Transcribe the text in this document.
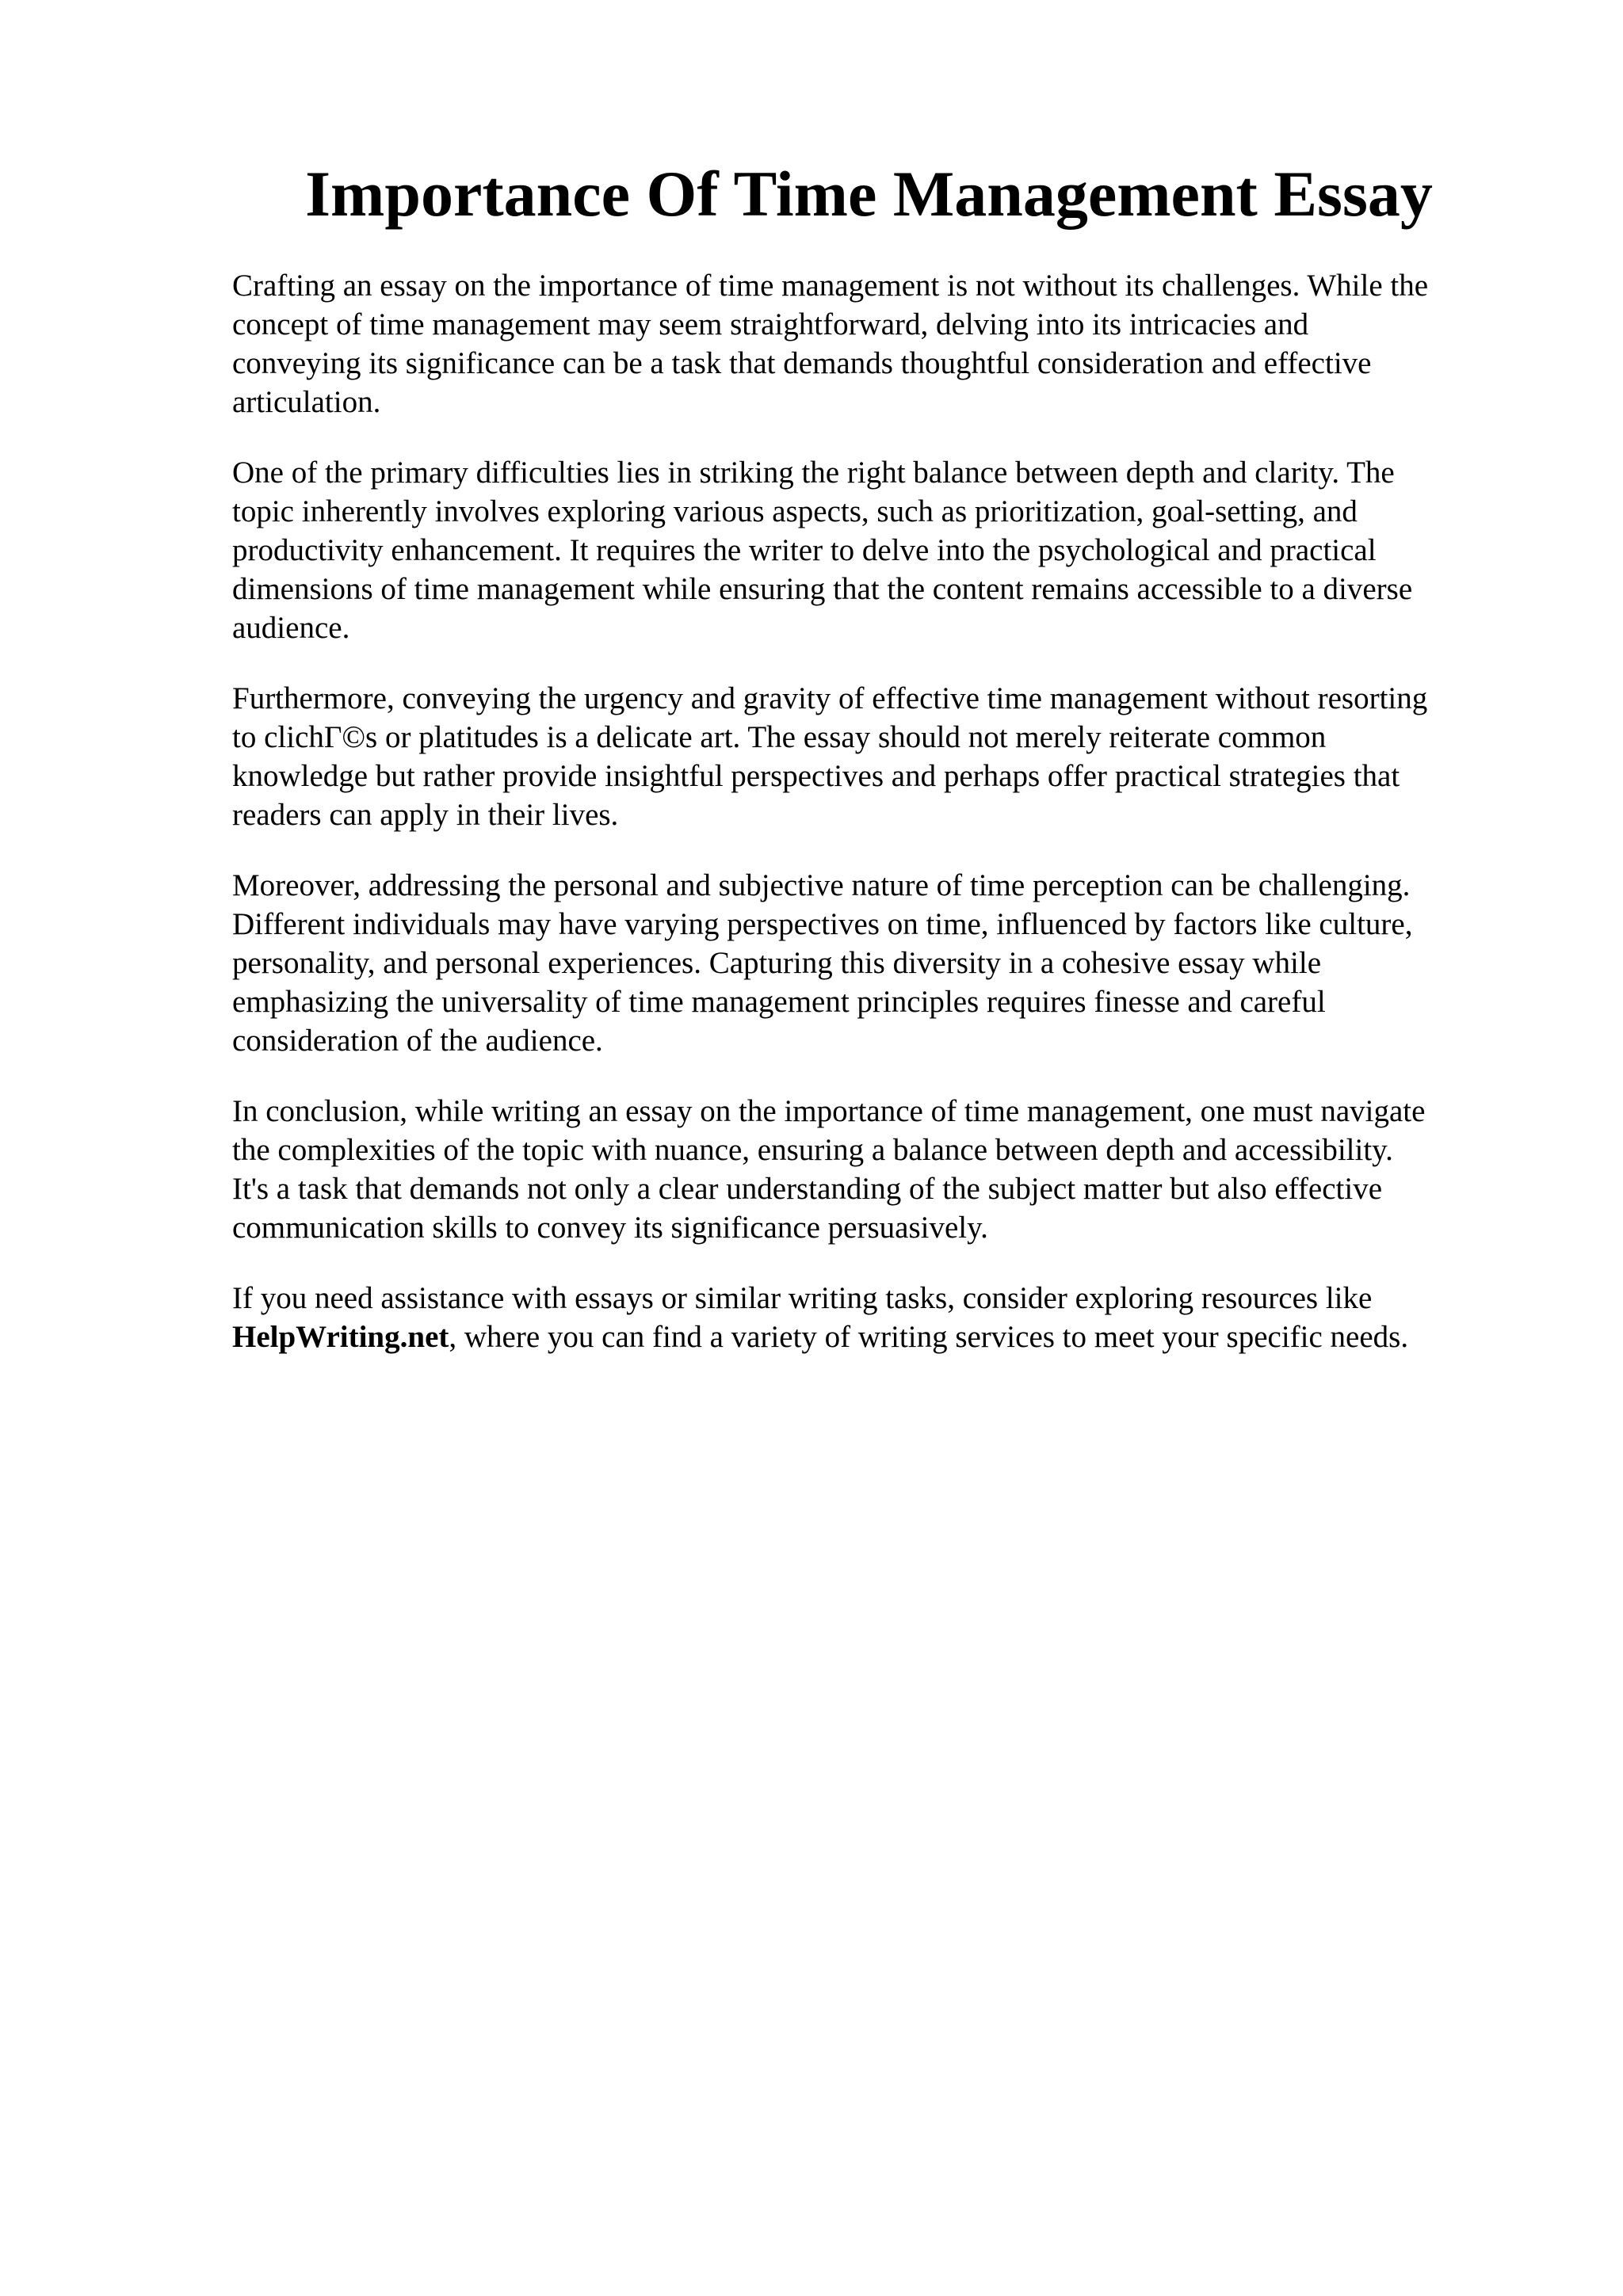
Importance Of Time Management Essay

Crafting an essay on the importance of time management is not without its challenges. While the
concept of time management may seem straightforward, delving into its intricacies and
conveying its significance can be a task that demands thoughtful consideration and effective
articulation.

One of the primary difficulties lies in striking the right balance between depth and clarity. The
topic inherently involves exploring various aspects, such as prioritization, goal-setting, and
productivity enhancement. It requires the writer to delve into the psychological and practical
dimensions of time management while ensuring that the content remains accessible to a diverse
audience.

Furthermore, conveying the urgency and gravity of effective time management without resorting
to clichГ©s or platitudes is a delicate art. The essay should not merely reiterate common
knowledge but rather provide insightful perspectives and perhaps offer practical strategies that
readers can apply in their lives.

Moreover, addressing the personal and subjective nature of time perception can be challenging.
Different individuals may have varying perspectives on time, influenced by factors like culture,
personality, and personal experiences. Capturing this diversity in a cohesive essay while
emphasizing the universality of time management principles requires finesse and careful
consideration of the audience.

In conclusion, while writing an essay on the importance of time management, one must navigate
the complexities of the topic with nuance, ensuring a balance between depth and accessibility.
It's a task that demands not only a clear understanding of the subject matter but also effective
communication skills to convey its significance persuasively.

If you need assistance with essays or similar writing tasks, consider exploring resources like
HelpWriting.net, where you can find a variety of writing services to meet your specific needs.
